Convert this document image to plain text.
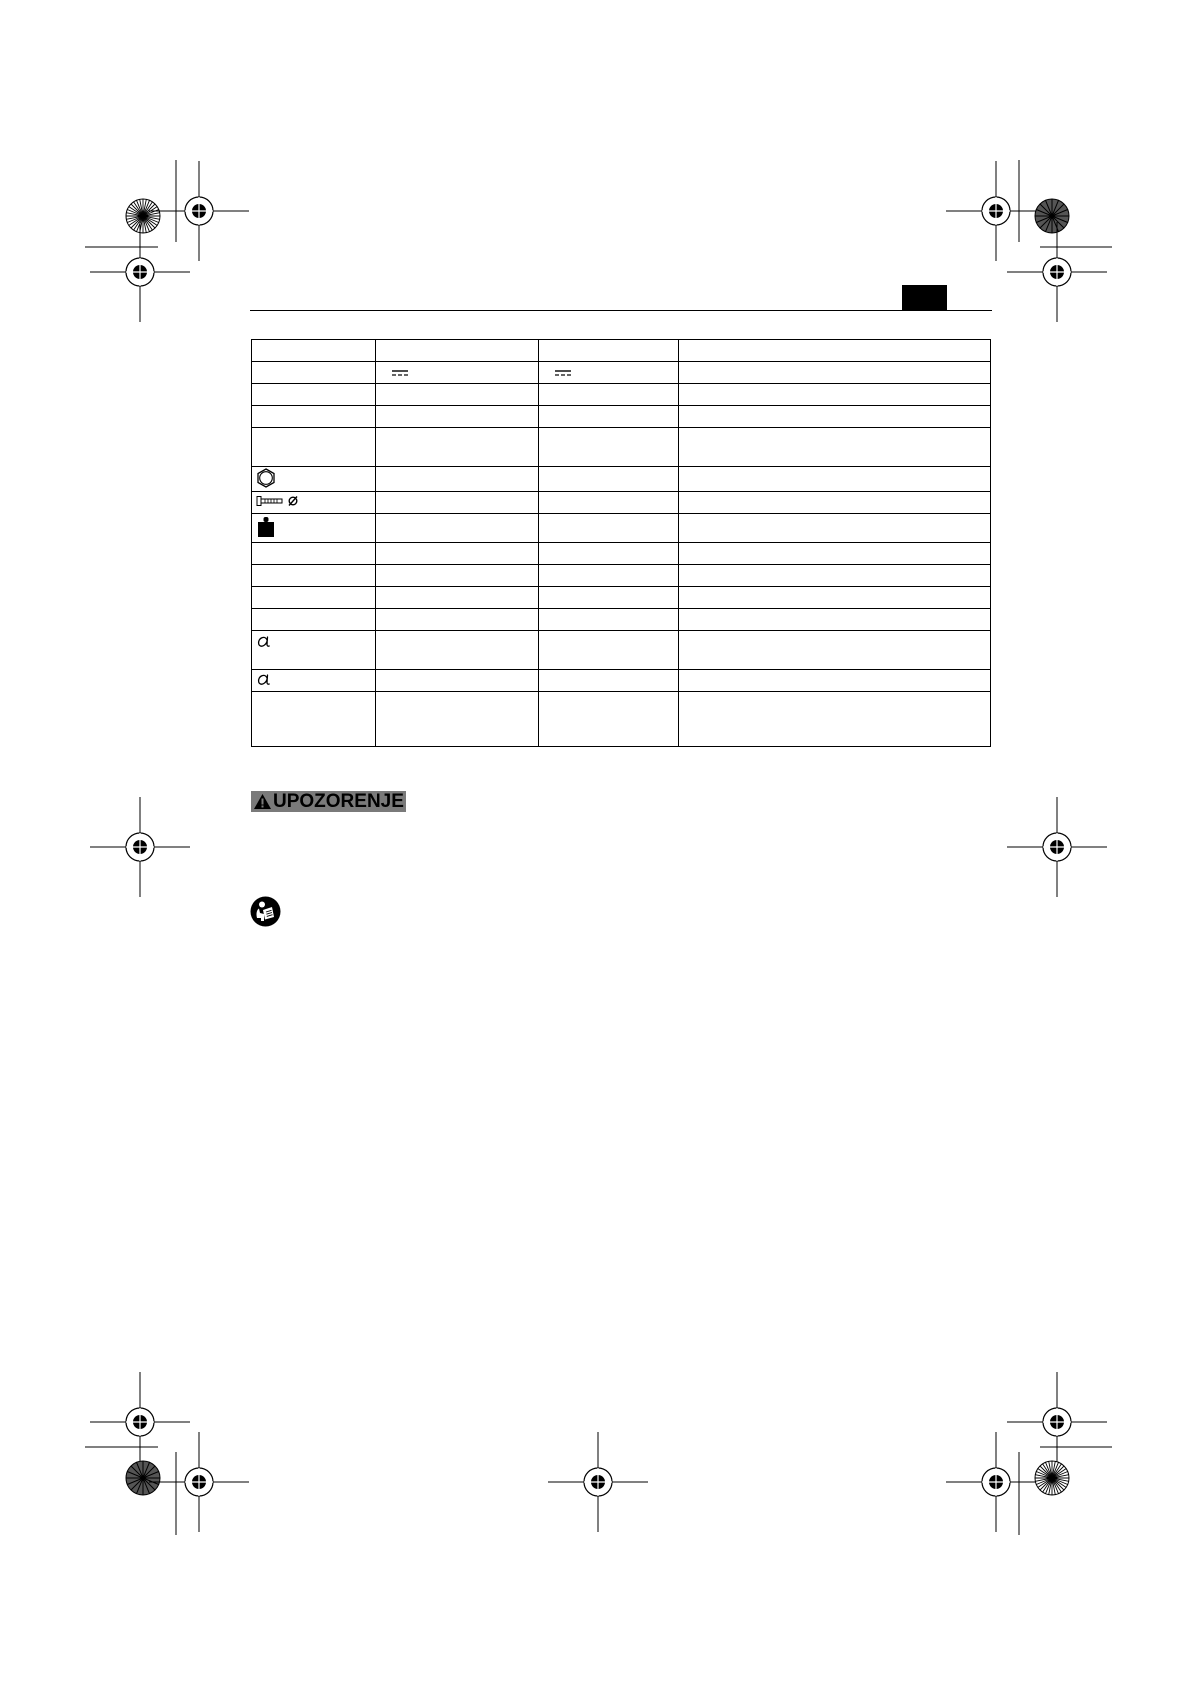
UPOZORENJE
